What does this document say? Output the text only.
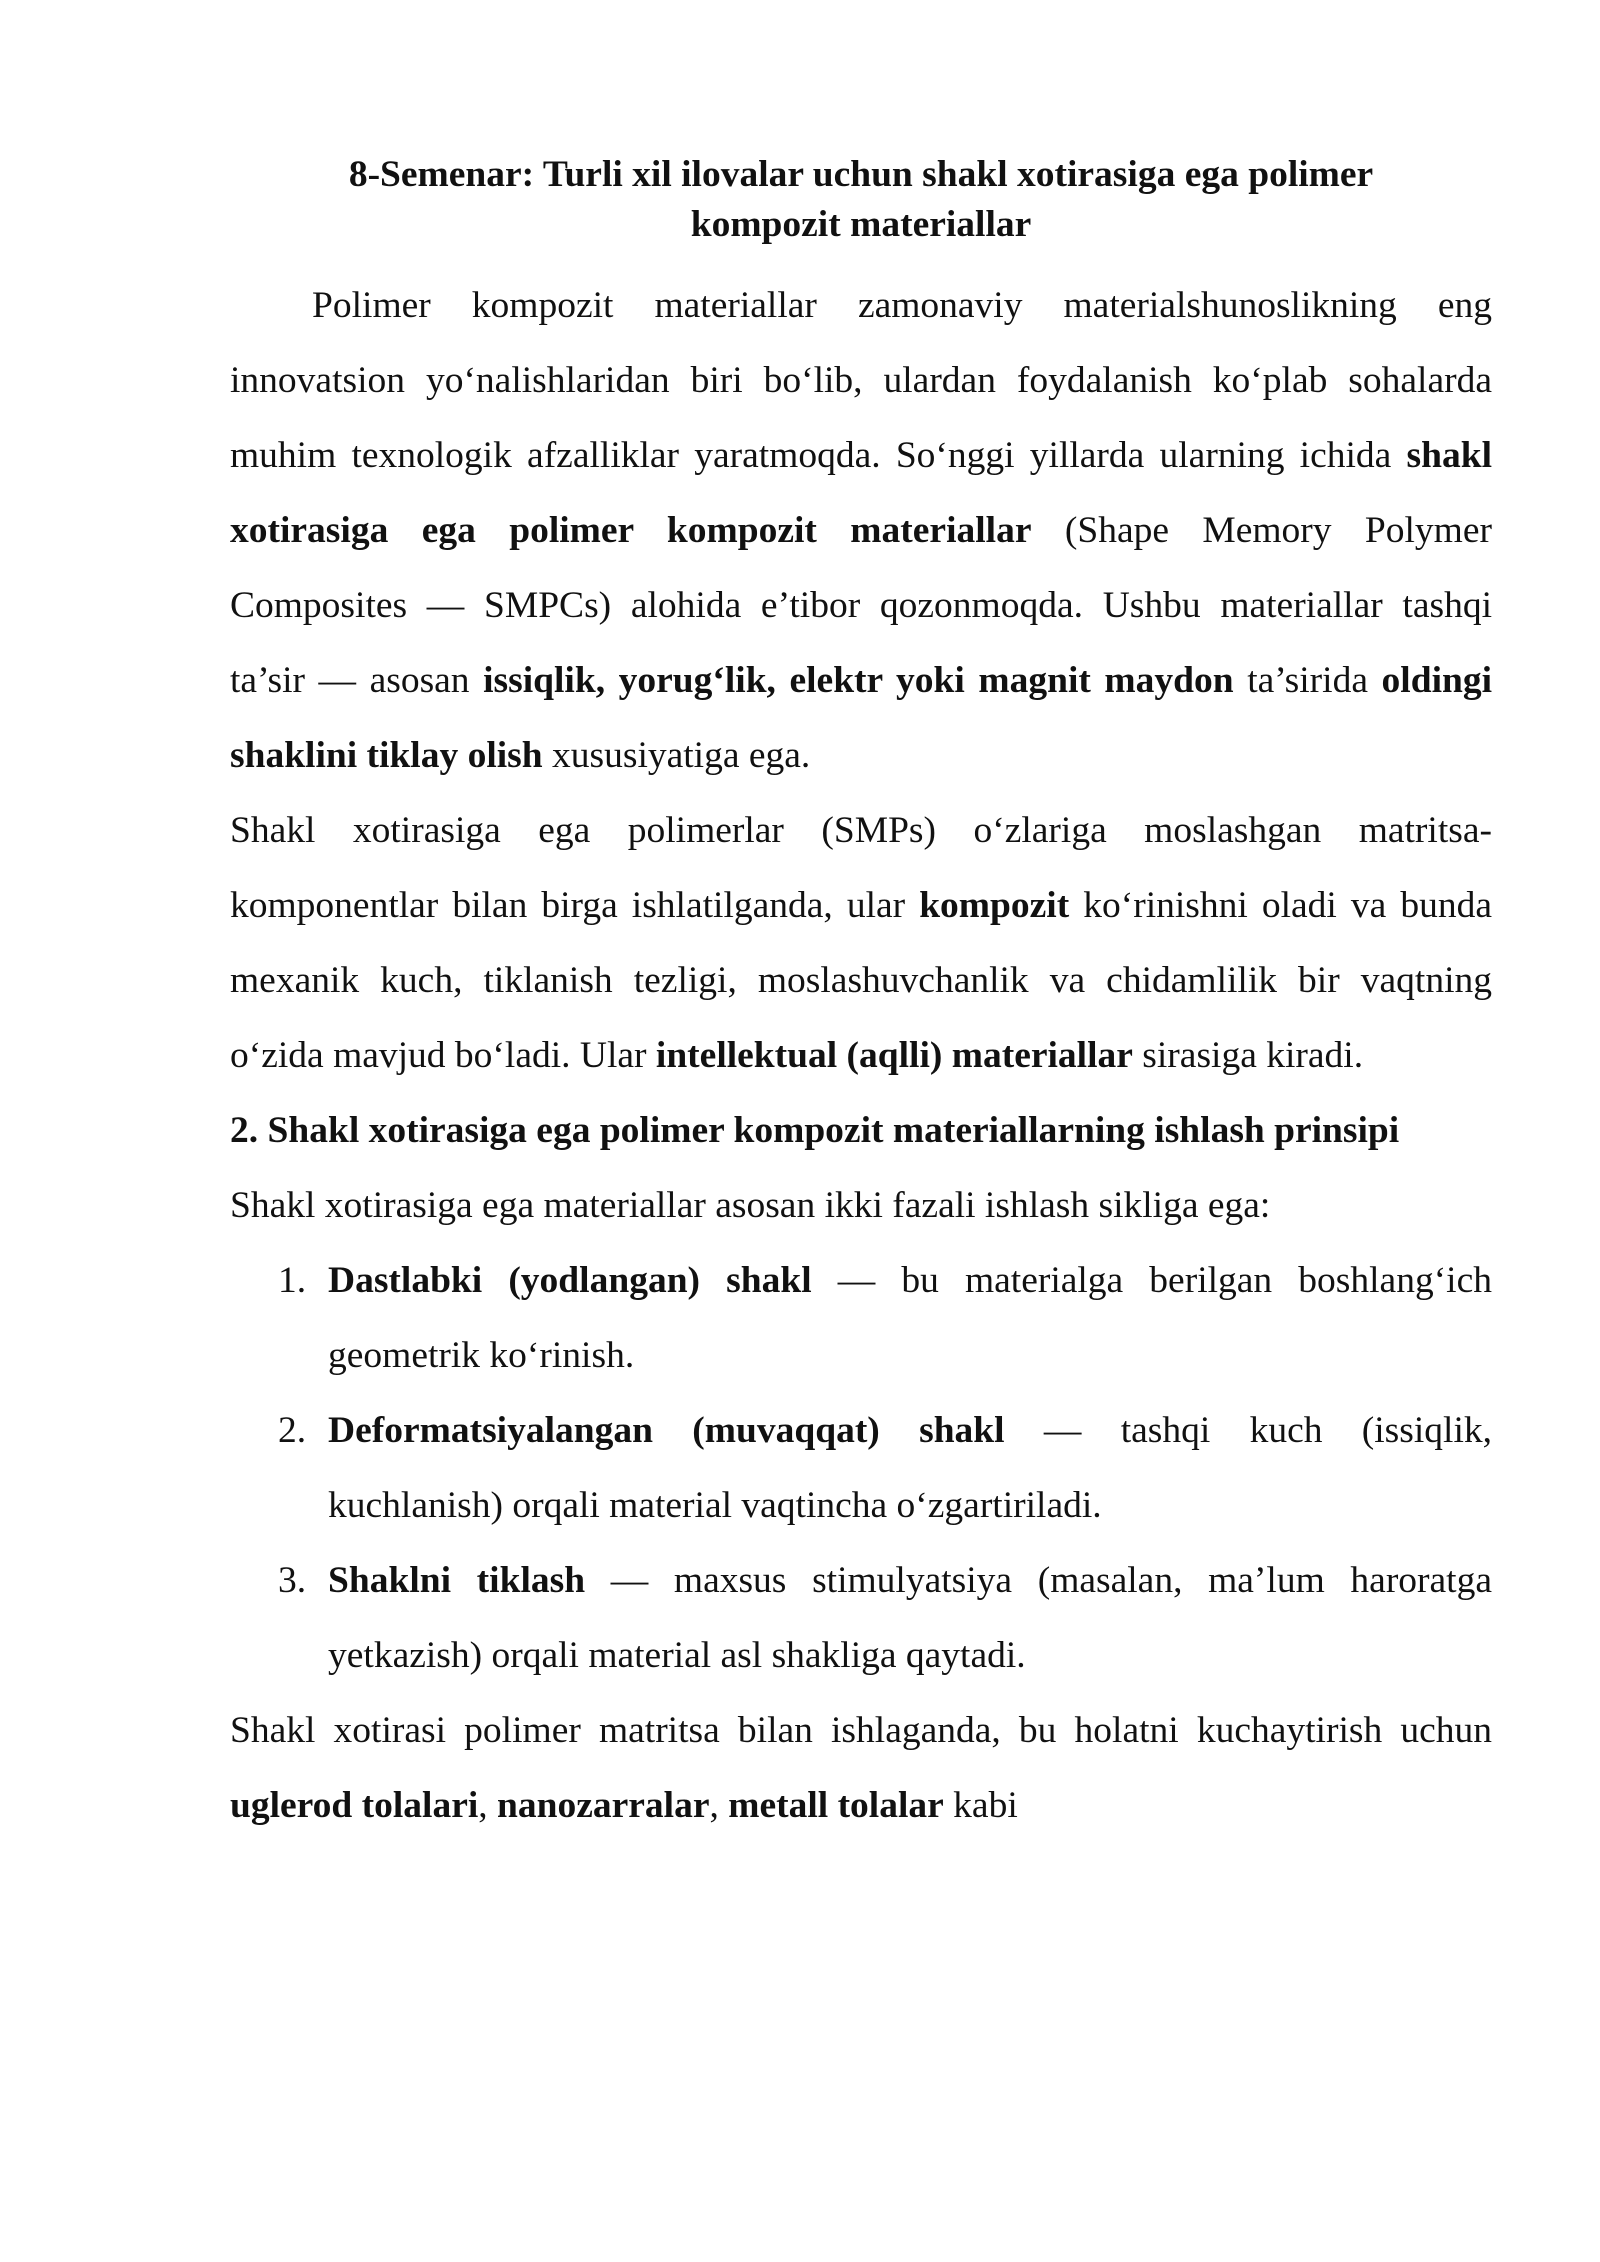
8-Semenar: Turli xil ilovalar uchun shakl xotirasiga ega polimer
kompozit materiallar

Polimer kompozit materiallar zamonaviy materialshunoslikning eng innovatsion yo‘nalishlaridan biri bo‘lib, ulardan foydalanish ko‘plab sohalarda muhim texnologik afzalliklar yaratmoqda. So‘nggi yillarda ularning ichida shakl xotirasiga ega polimer kompozit materiallar (Shape Memory Polymer Composites — SMPCs) alohida e’tibor qozonmoqda. Ushbu materiallar tashqi ta’sir — asosan issiqlik, yorug‘lik, elektr yoki magnit maydon ta’sirida oldingi shaklini tiklay olish xususiyatiga ega.

Shakl xotirasiga ega polimerlar (SMPs) o‘zlariga moslashgan matritsa-komponentlar bilan birga ishlatilganda, ular kompozit ko‘rinishni oladi va bunda mexanik kuch, tiklanish tezligi, moslashuvchanlik va chidamlilik bir vaqtning o‘zida mavjud bo‘ladi. Ular intellektual (aqlli) materiallar sirasiga kiradi.

2. Shakl xotirasiga ega polimer kompozit materiallarning ishlash prinsipi

Shakl xotirasiga ega materiallar asosan ikki fazali ishlash sikliga ega:

1. Dastlabki (yodlangan) shakl — bu materialga berilgan boshlang‘ich geometrik ko‘rinish.
2. Deformatsiyalangan (muvaqqat) shakl — tashqi kuch (issiqlik, kuchlanish) orqali material vaqtincha o‘zgartiriladi.
3. Shaklni tiklash — maxsus stimulyatsiya (masalan, ma’lum haroratga yetkazish) orqali material asl shakliga qaytadi.

Shakl xotirasi polimer matritsa bilan ishlaganda, bu holatni kuchaytirish uchun uglerod tolalari, nanozarralar, metall tolalar kabi
